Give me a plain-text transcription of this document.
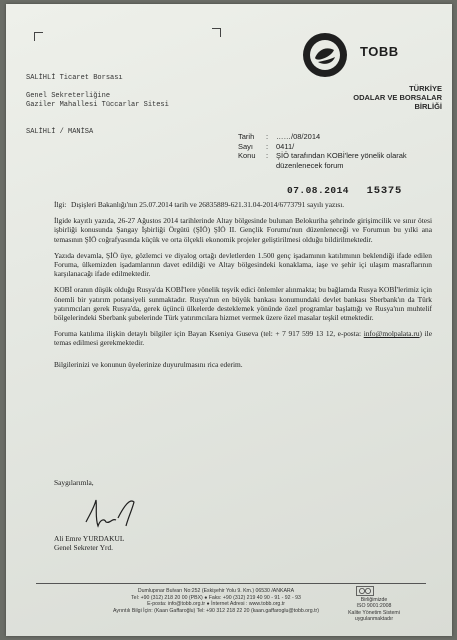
SALİHLİ Ticaret Borsası

Genel Sekreterliğine
Gaziler Mahallesi Tüccarlar Sitesi

SALİHLİ / MANİSA
TOBB
TÜRKİYE
ODALAR VE BORSALAR
BİRLİĞİ
Tarih	:	……/08/2014
Sayı	:	0411/
Konu	:	ŞİÖ tarafından KOBİ'lere yönelik olarak düzenlenecek forum
07.08.2014 15375

İlgi: Dışişleri Bakanlığı'nın 25.07.2014 tarih ve 26835889-621.31.04-2014/6773791 sayılı yazısı.

İlgide kayıtlı yazıda, 26-27 Ağustos 2014 tarihlerinde Altay bölgesinde bulunan Belokuriha şehrinde girişimcilik ve sınır ötesi işbirliği konusunda Şangay İşbirliği Örgütü (ŞİÖ) ŞİÖ II. Gençlik Forumu'nun düzenleneceği ve Forumun bu yılki ana temasının ŞİÖ coğrafyasında küçük ve orta ölçekli ekonomik projeler geliştirilmesi olduğu bildirilmektedir.

Yazıda devamla, ŞİÖ üye, gözlemci ve diyalog ortağı devletlerden 1.500 genç işadamının katılımının beklendiği ifade edilen Foruma, ülkemizden işadamlarının davet edildiği ve Altay bölgesindeki konaklama, iaşe ve şehir içi ulaşım masraflarının karşılanacağı ifade edilmektedir.

KOBİ oranın düşük olduğu Rusya'da KOBİ'lere yönelik teşvik edici önlemler alınmakta; bu bağlamda Rusya KOBİ'lerimiz için önemli bir yatırım potansiyeli sunmaktadır. Rusya'nın en büyük bankası konumundaki devlet bankası Sberbank'ın da Türk yatırımcıları gerek Rusya'da, gerek üçüncü ülkelerde desteklemek yönünde özel programlar başlattığı ve Rusya'nın muhtelif bölgelerindeki Sberbank şubelerinde Türk yatırımcılara hizmet vermek üzere özel masalar teşkil etmektedir.

Foruma katılıma ilişkin detaylı bilgiler için Bayan Kseniya Guseva (tel: + 7 917 599 13 12, e-posta: info@molpalata.ru) ile temas edilmesi gerekmektedir.

Bilgilerinizi ve konunun üyelerinize duyurulmasını rica ederim.

Saygılarımla,
Ali Emre YURDAKUL
Genel Sekreter Yrd.
Dumlupınar Bulvarı No:252 (Eskişehir Yolu 9. Km.) 06530 /ANKARA
Tel: +90 (312) 218 20 00 (PBX) ● Faks: +90 (312) 219 40 90 - 91 - 92 - 93
E-posta: info@tobb.org.tr ● İnternet Adresi : www.tobb.org.tr
Ayrıntılı Bilgi İçin: (Kaan Gaffaroğlu) Tel: +90 312 218 22 20 (kaan.gaffaroglu@tobb.org.tr)
Birliğimizde
ISO 9001:2008
Kalite Yönetim Sistemi
uygulanmaktadır
